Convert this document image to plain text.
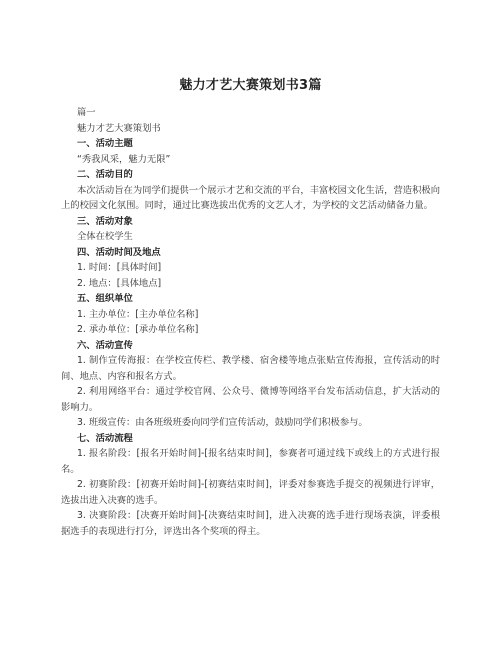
魅力才艺大赛策划书3篇

篇一

魅力才艺大赛策划书

一、活动主题

“秀我风采，魅力无限”

二、活动目的

本次活动旨在为同学们提供一个展示才艺和交流的平台，丰富校园文化生活，营造积极向上的校园文化氛围。同时，通过比赛选拔出优秀的文艺人才，为学校的文艺活动储备力量。

三、活动对象

全体在校学生

四、活动时间及地点

1. 时间：[具体时间]

2. 地点：[具体地点]

五、组织单位

1. 主办单位：[主办单位名称]

2. 承办单位：[承办单位名称]

六、活动宣传

1. 制作宣传海报：在学校宣传栏、教学楼、宿舍楼等地点张贴宣传海报，宣传活动的时间、地点、内容和报名方式。

2. 利用网络平台：通过学校官网、公众号、微博等网络平台发布活动信息，扩大活动的影响力。

3. 班级宣传：由各班级班委向同学们宣传活动，鼓励同学们积极参与。

七、活动流程

1. 报名阶段：[报名开始时间]-[报名结束时间]，参赛者可通过线下或线上的方式进行报名。

2. 初赛阶段：[初赛开始时间]-[初赛结束时间]，评委对参赛选手提交的视频进行评审，选拔出进入决赛的选手。

3. 决赛阶段：[决赛开始时间]-[决赛结束时间]，进入决赛的选手进行现场表演，评委根据选手的表现进行打分，评选出各个奖项的得主。
